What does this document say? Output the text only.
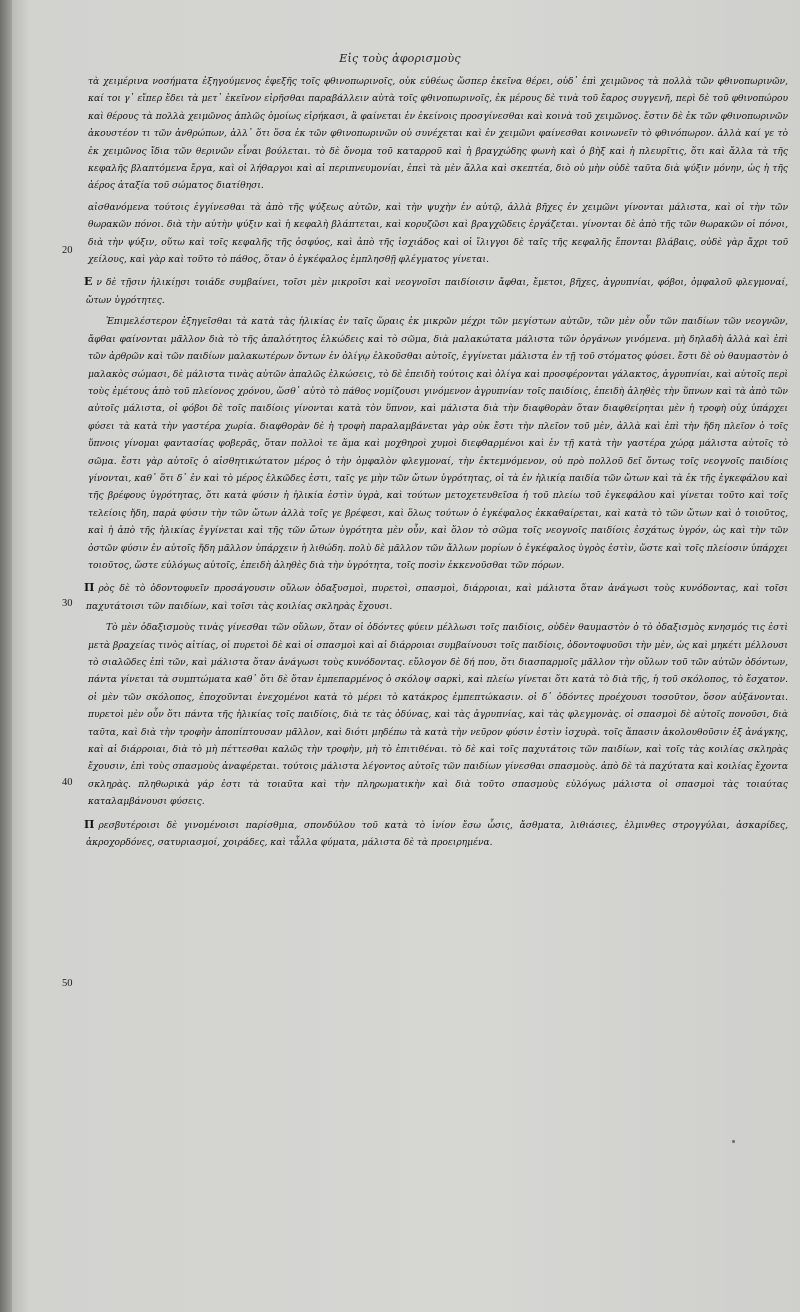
Εἰς τοὺς ἀφορισμοὺς
20
30
40
50

τὰ χειμέρινα νοσήματα ἐξηγούμενος ἐφεξῆς τοῖς φθινοπωρινοῖς, οὐκ εὐθέως ὥσπερ ἐκεῖνα θέρει, οὐδ᾽ ἐπὶ χειμῶνος τὰ πολλὰ τῶν φθινοπωρινῶν, καί τοι γ᾽ εἴπερ ἔδει τὰ μετ᾽ ἐκεῖνον εἰρῆσθαι παραβάλλειν αὐτὰ τοῖς φθινοπωρινοῖς, ἐκ μέρους δὲ τινὰ τοῦ ἔαρος συγγενῆ, περὶ δὲ τοῦ φθινοπώρου καὶ θέρους τὰ πολλὰ χειμῶνος ἁπλῶς ὁμοίως εἰρήκασι, ἃ φαίνεται ἐν ἐκείνοις προσγίνεσθαι καὶ κοινὰ τοῦ χειμῶνος. ἔστιν δὲ ἐκ τῶν φθινοπωρινῶν ἀκουστέον τι τῶν ἀνθρώπων, ἀλλ᾽ ὅτι ὅσα ἐκ τῶν φθινοπωρινῶν οὐ συνέχεται καὶ ἐν χειμῶνι φαίνεσθαι κοινωνεῖν τὸ φθινόπωρον. ἀλλὰ καί γε τὸ ἐκ χειμῶνος ἴδια τῶν θερινῶν εἶναι βούλεται. τὸ δὲ ὄνομα τοῦ καταρροῦ καὶ ἡ βραγχώδης φωνὴ καὶ ὁ βὴξ καὶ ἡ πλευρῖτις, ὅτι καὶ ἄλλα τὰ τῆς κεφαλῆς βλαπτόμενα ἔργα, καὶ οἱ λήθαργοι καὶ αἱ περιπνευμονίαι, ἐπεὶ τὰ μὲν ἄλλα καὶ σκεπτέα, διὸ οὐ μὴν οὐδὲ ταῦτα διὰ ψύξιν μόνην, ὡς ἡ τῆς ἀέρος ἀταξία τοῦ σώματος διατίθησι.

αἰσθανόμενα τούτοις ἐγγίνεσθαι τὰ ἀπὸ τῆς ψύξεως αὐτῶν, καὶ τὴν ψυχὴν ἐν αὐτῷ, ἀλλὰ βῆχες ἐν χειμῶνι γίνονται μάλιστα, καὶ οἱ τὴν τῶν θωρακῶν πόνοι. διὰ τὴν αὐτὴν ψύξιν καὶ ἡ κεφαλὴ βλάπτεται, καὶ κορυζῶσι καὶ βραγχῶδεις ἐργάζεται. γίνονται δὲ ἀπὸ τῆς τῶν θωρακῶν οἱ πόνοι, διὰ τὴν ψύξιν, οὕτω καὶ τοῖς κεφαλῆς τῆς ὀσφύος, καὶ ἀπὸ τῆς ἰσχιάδος καὶ οἱ ἴλιγγοι δὲ ταῖς τῆς κεφαλῆς ἔπονται βλάβαις, οὐδὲ γὰρ ἄχρι τοῦ χείλους, καὶ γὰρ καὶ τοῦτο τὸ πάθος, ὅταν ὁ ἐγκέφαλος ἐμπλησθῇ φλέγματος γίνεται.

Ε ν δὲ τῇσιν ἡλικίῃσι τοιάδε συμβαίνει, τοῖσι μὲν μικροῖσι καὶ νεογνοῖσι παιδίοισιν ἄφθαι, ἔμετοι, βῆχες, ἀγρυπνίαι, φόβοι, ὀμφαλοῦ φλεγμοναί, ὤτων ὑγρότητες.

Ἐπιμελέστερον ἐξηγεῖσθαι τὰ κατὰ τὰς ἡλικίας ἐν ταῖς ὥραις ἐκ μικρῶν μέχρι τῶν μεγίστων αὐτῶν, τῶν μὲν οὖν τῶν παιδίων τῶν νεογνῶν, ἄφθαι φαίνονται μᾶλλον διὰ τὸ τῆς ἀπαλότητος ἐλκώδεις καὶ τὸ σῶμα, διὰ μαλακώτατα μάλιστα τῶν ὀργάνων γινόμενα. μὴ δηλαδὴ ἀλλὰ καὶ ἐπὶ τῶν ἀρθρῶν καὶ τῶν παιδίων μαλακωτέρων ὄντων ἐν ὀλίγῳ ἐλκοῦσθαι αὐτοῖς, ἐγγίνεται μάλιστα ἐν τῇ τοῦ στόματος φύσει. ἔστι δὲ οὐ θαυμαστὸν ὁ μαλακὸς σώμασι, δὲ μάλιστα τινὰς αὐτῶν ἀπαλῶς ἑλκώσεις, τὸ δὲ ἐπειδὴ τούτοις καὶ ὀλίγα καὶ προσφέρονται γάλακτος, ἀγρυπνίαι, καὶ αὐτοῖς περὶ τοὺς ἐμέτους ἀπὸ τοῦ πλείονος χρόνου, ὥσθ᾽ αὐτὸ τὸ πάθος νομίζουσι γινόμενον ἀγρυπνίαν τοῖς παιδίοις, ἐπειδὴ ἀληθὲς τὴν ὕπνων καὶ τὰ ἀπὸ τῶν αὐτοῖς μάλιστα, οἱ φόβοι δὲ τοῖς παιδίοις γίνονται κατὰ τὸν ὕπνον, καὶ μάλιστα διὰ τὴν διαφθορὰν ὅταν διαφθείρηται μὲν ἡ τροφὴ οὐχ ὑπάρχει φύσει τὰ κατὰ τὴν γαστέρα χωρία. διαφθορὰν δὲ ἡ τροφὴ παραλαμβάνεται γὰρ οὐκ ἔστι τὴν πλεῖον τοῦ μὲν, ἀλλὰ καὶ ἐπὶ τὴν ἤδη πλεῖον ὁ τοῖς ὕπνοις γίνομαι φαντασίας φοβερᾶς, ὅταν πολλοὶ τε ἅμα καὶ μοχθηροὶ χυμοὶ διεφθαρμένοι καὶ ἐν τῇ κατὰ τὴν γαστέρα χώρᾳ μάλιστα αὐτοῖς τὸ σῶμα. ἔστι γὰρ αὐτοῖς ὁ αἰσθητικώτατον μέρος ὁ τὴν ὀμφαλὸν φλεγμοναί, τὴν ἐκτεμνόμενον, οὐ πρὸ πολλοῦ δεῖ ὄντως τοῖς νεογνοῖς παιδίοις γίνονται, καθ᾽ ὅτι δ᾽ ἐν καὶ τὸ μέρος ἑλκῶδες ἐστι, ταῖς γε μὴν τῶν ὤτων ὑγρότητας, οἱ τὰ ἐν ἡλικίᾳ παιδία τῶν ὤτων καὶ τὰ ἐκ τῆς ἐγκεφάλου καὶ τῆς βρέφους ὑγρότητας, ὅτι κατὰ φύσιν ἡ ἡλικία ἐστὶν ὑγρὰ, καὶ τούτων μετοχετευθεῖσα ἡ τοῦ πλείω τοῦ ἐγκεφάλου καὶ γίνεται τοῦτο καὶ τοῖς τελείοις ἤδη, παρὰ φύσιν τὴν τῶν ὤτων ἀλλὰ τοῖς γε βρέφεσι, καὶ ὅλως τούτων ὁ ἐγκέφαλος ἐκκαθαίρεται, καὶ κατὰ τὸ τῶν ὤτων καὶ ὁ τοιοῦτος, καὶ ἡ ἀπὸ τῆς ἡλικίας ἐγγίνεται καὶ τῆς τῶν ὤτων ὑγρότητα μὲν οὖν, καὶ ὅλον τὸ σῶμα τοῖς νεογνοῖς παιδίοις ἐσχάτως ὑγρόν, ὡς καὶ τὴν τῶν ὀστῶν φύσιν ἐν αὐτοῖς ἤδη μᾶλλον ὑπάρχειν ἡ λιθώδη. πολὺ δὲ μᾶλλον τῶν ἄλλων μορίων ὁ ἐγκέφαλος ὑγρὸς ἐστὶν, ὥστε καὶ τοῖς πλείοσιν ὑπάρχει τοιοῦτος, ὥστε εὐλόγως αὐτοῖς, ἐπειδὴ ἀληθὲς διὰ τὴν ὑγρότητα, τοῖς ποσὶν ἐκκενοῦσθαι τῶν πόρων.

Π ρὸς δὲ τὸ ὀδοντοφυεῖν προσάγουσιν οὔλων ὀδαξυσμοὶ, πυρετοὶ, σπασμοὶ, διάρροιαι, καὶ μάλιστα ὅταν ἀνάγωσι τοὺς κυνόδοντας, καὶ τοῖσι παχυτάτοισι τῶν παιδίων, καὶ τοῖσι τὰς κοιλίας σκληρὰς ἔχουσι.

Τὸ μὲν ὀδαξισμοὺς τινὰς γίνεσθαι τῶν οὔλων, ὅταν οἱ ὀδόντες φύειν μέλλωσι τοῖς παιδίοις, οὐδὲν θαυμαστὸν ὁ τὸ ὀδαξισμὸς κνησμός τις ἐστὶ μετὰ βραχείας τινὸς αἰτίας, οἱ πυρετοὶ δὲ καὶ οἱ σπασμοὶ καὶ αἱ διάρροιαι συμβαίνουσι τοῖς παιδίοις, ὀδοντοφυοῦσι τὴν μὲν, ὡς καὶ μηκέτι μέλλουσι τὸ σιαλῶδες ἐπὶ τῶν, καὶ μάλιστα ὅταν ἀνάγωσι τοὺς κυνόδοντας. εὔλογον δὲ δή που, ὅτι διασπαρμοῖς μᾶλλον τὴν οὔλων τοῦ τῶν αὐτῶν ὀδόντων, πάντα γίνεται τὰ συμπτώματα καθ᾽ ὅτι δὲ ὅταν ἐμπεπαρμένος ὁ σκόλοψ σαρκὶ, καὶ πλείω γίνεται ὅτι κατὰ τὸ διὰ τῆς, ἡ τοῦ σκόλοπος, τὸ ἔσχατον. οἱ μὲν τῶν σκόλοπος, ἐποχοῦνται ἐνεχομένοι κατὰ τὸ μέρει τὸ κατάκρος ἐμπεπτώκασιν. οἱ δ᾽ ὀδόντες προέχουσι τοσοῦτον, ὅσον αὐξάνονται. πυρετοὶ μὲν οὖν ὅτι πάντα τῆς ἡλικίας τοῖς παιδίοις, διὰ τε τὰς ὀδύνας, καὶ τὰς ἀγρυπνίας, καὶ τὰς φλεγμονὰς. οἱ σπασμοὶ δὲ αὐτοῖς πονοῦσι, διὰ ταῦτα, καὶ διὰ τὴν τροφὴν ἀποπίπτουσαν μᾶλλον, καὶ διότι μηδέπω τὰ κατὰ τὴν νεῦρον φύσιν ἐστὶν ἰσχυρὰ. τοῖς ἅπασιν ἀκολουθοῦσιν ἐξ ἀνάγκης, καὶ αἱ διάρροιαι, διὰ τὸ μὴ πέττεσθαι καλῶς τὴν τροφὴν, μὴ τὸ ἐπιτιθέναι. τὸ δὲ καὶ τοῖς παχυτάτοις τῶν παιδίων, καὶ τοῖς τὰς κοιλίας σκληρὰς ἔχουσιν, ἐπὶ τοὺς σπασμοὺς ἀναφέρεται. τούτοις μάλιστα λέγοντος αὐτοῖς τῶν παιδίων γίνεσθαι σπασμοὺς. ἀπὸ δὲ τὰ παχύτατα καὶ κοιλίας ἔχοντα σκληρὰς. πληθωρικὰ γάρ ἐστι τὰ τοιαῦτα καὶ τὴν πληρωματικὴν καὶ διὰ τοῦτο σπασμοὺς εὐλόγως μάλιστα οἱ σπασμοὶ τὰς τοιαύτας καταλαμβάνουσι φύσεις.

Π ρεσβυτέροισι δὲ γινομένοισι παρίσθμια, σπονδύλου τοῦ κατὰ τὸ ἰνίον ἔσω ὦσις, ἄσθματα, λιθιάσιες, ἑλμινθες στρογγύλαι, ἀσκαρίδες, ἀκροχορδόνες, σατυριασμοί, χοιράδες, καὶ τἆλλα φύματα, μάλιστα δὲ τὰ προειρημένα.
